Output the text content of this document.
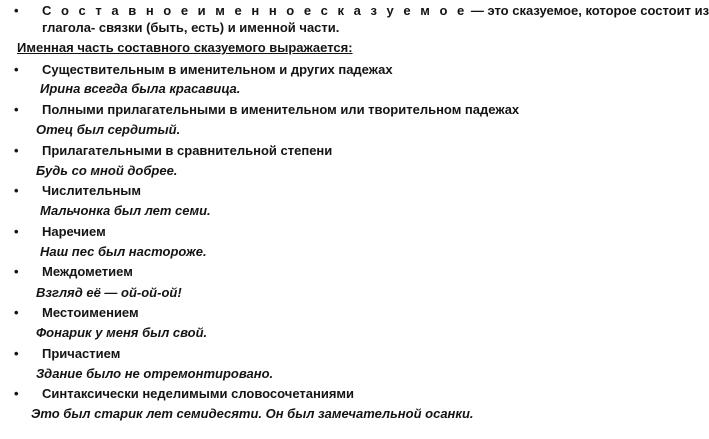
• С о с т а в н о е и м е н н о е с к а з у е м о е — это сказуемое, которое состоит из
глагола- связки (быть, есть) и именной части.
Именная часть составного сказуемого выражается:
• Существительным в именительном и других падежах
Ирина всегда была красавица.
• Полными прилагательными в именительном или творительном падежах
Отец был сердитый.
• Прилагательными в сравнительной степени
Будь со мной добрее.
• Числительным
Мальчонка был лет семи.
• Наречием
Наш пес был настороже.
• Междометием
Взгляд её — ой-ой-ой!
• Местоимением
Фонарик у меня был свой.
• Причастием
Здание было не отремонтировано.
• Синтаксически неделимыми словосочетаниями
Это был старик лет семидесяти. Он был замечательной осанки.
